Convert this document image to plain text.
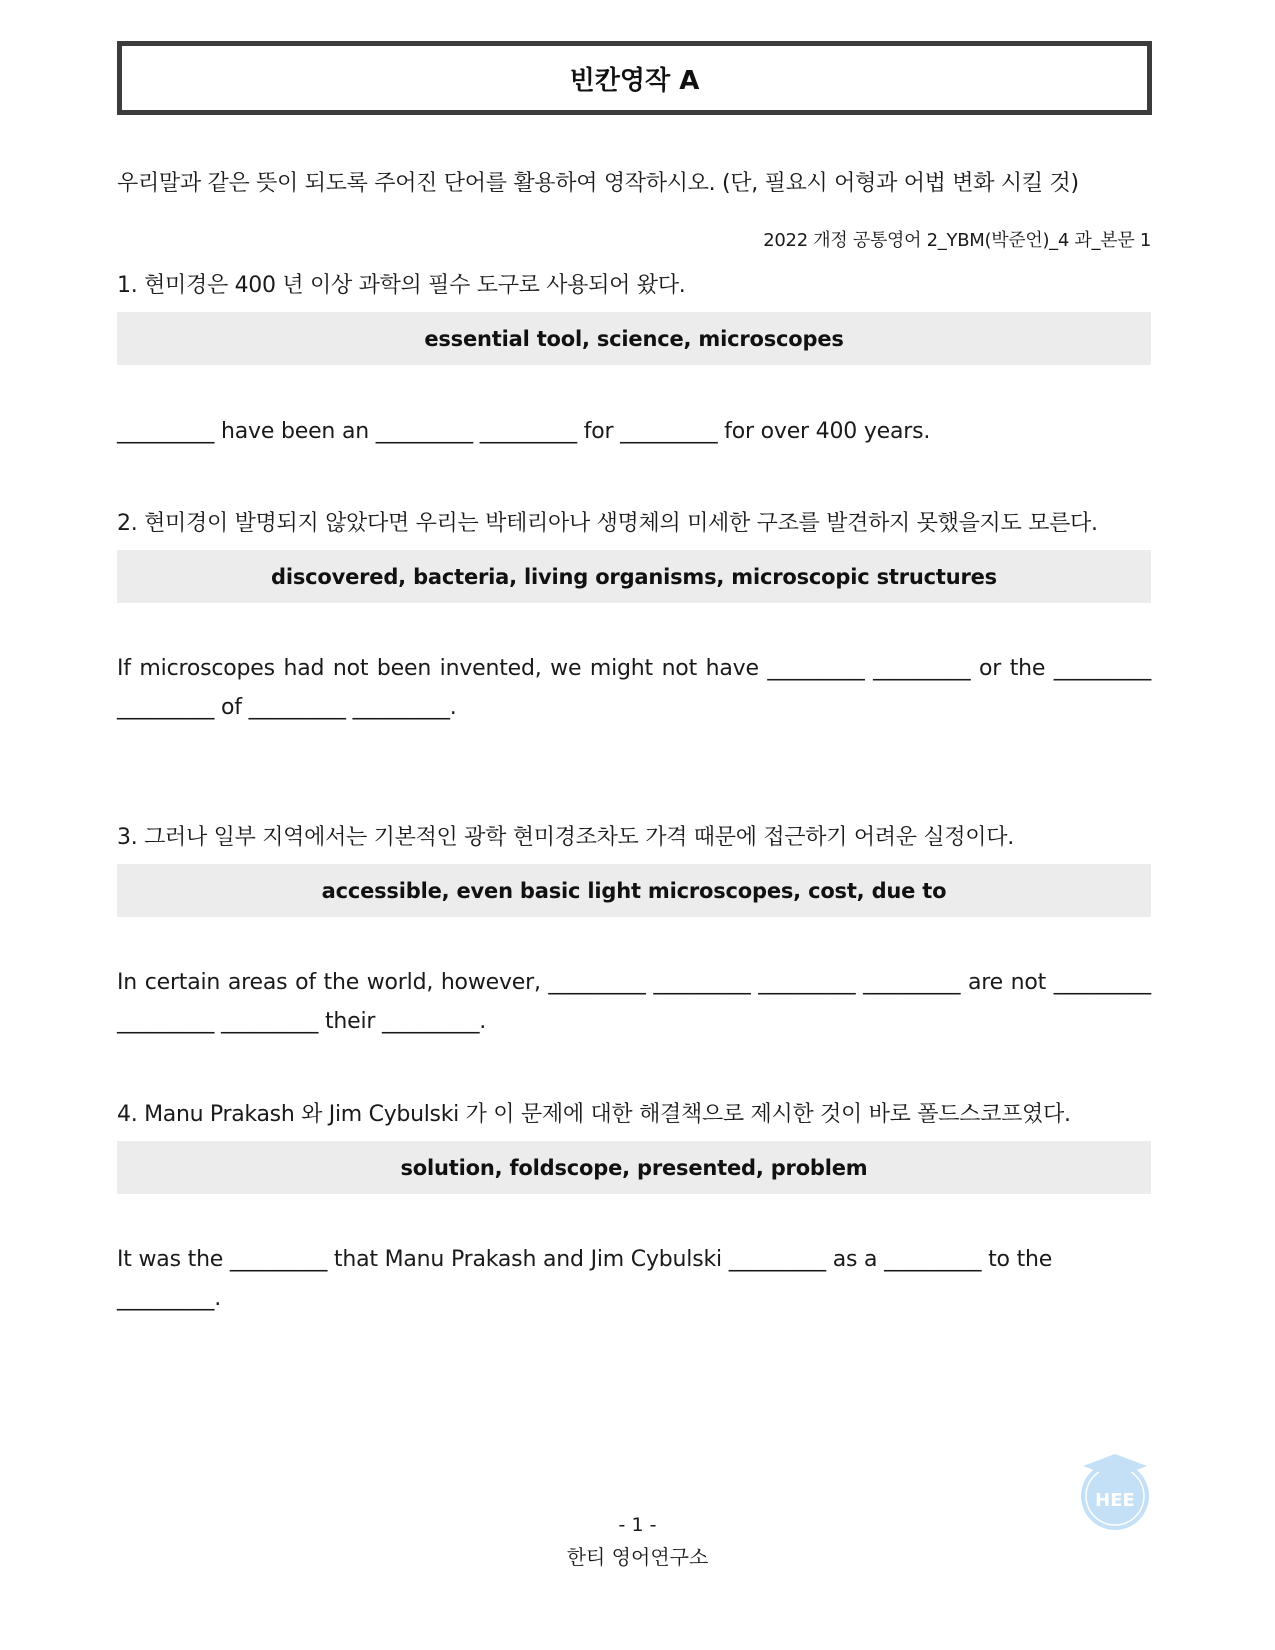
빈칸영작 A
우리말과 같은 뜻이 되도록 주어진 단어를 활용하여 영작하시오. (단, 필요시 어형과 어법 변화 시킬 것)
2022 개정 공통영어 2_YBM(박준언)_4 과_본문 1
1. 현미경은 400 년 이상 과학의 필수 도구로 사용되어 왔다.
essential tool, science, microscopes
_________ have been an _________ _________ for _________ for over 400 years.
2. 현미경이 발명되지 않았다면 우리는 박테리아나 생명체의 미세한 구조를 발견하지 못했을지도 모른다.
discovered, bacteria, living organisms, microscopic structures
If microscopes had not been invented, we might not have _________ _________ or the _________ _________ of _________ _________.
3. 그러나 일부 지역에서는 기본적인 광학 현미경조차도 가격 때문에 접근하기 어려운 실정이다.
accessible, even basic light microscopes, cost, due to
In certain areas of the world, however, _________ _________ _________ _________ are not _________ _________ _________ their _________.
4. Manu Prakash 와 Jim Cybulski 가 이 문제에 대한 해결책으로 제시한 것이 바로 폴드스코프였다.
solution, foldscope, presented, problem
It was the _________ that Manu Prakash and Jim Cybulski _________ as a _________ to the _________.
- 1 -
한티 영어연구소
HEE
